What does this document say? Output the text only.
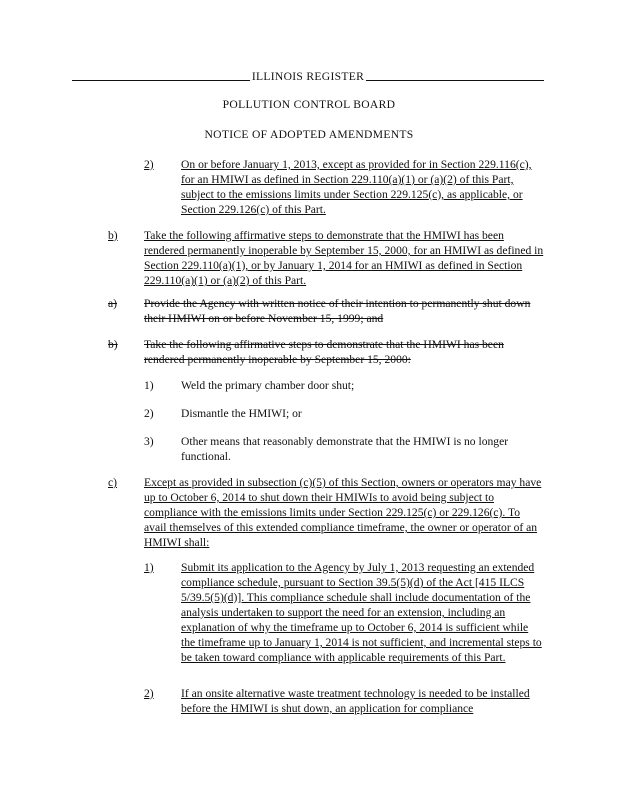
ILLINOIS REGISTER
POLLUTION CONTROL BOARD
NOTICE OF ADOPTED AMENDMENTS
2) On or before January 1, 2013, except as provided for in Section 229.116(c), for an HMIWI as defined in Section 229.110(a)(1) or (a)(2) of this Part, subject to the emissions limits under Section 229.125(c), as applicable, or Section 229.126(c) of this Part.

b) Take the following affirmative steps to demonstrate that the HMIWI has been rendered permanently inoperable by September 15, 2000, for an HMIWI as defined in Section 229.110(a)(1), or by January 1, 2014 for an HMIWI as defined in Section 229.110(a)(1) or (a)(2) of this Part.

a) Provide the Agency with written notice of their intention to permanently shut down their HMIWI on or before November 15, 1999; and

b) Take the following affirmative steps to demonstrate that the HMIWI has been rendered permanently inoperable by September 15, 2000:

1) Weld the primary chamber door shut;

2) Dismantle the HMIWI; or

3) Other means that reasonably demonstrate that the HMIWI is no longer functional.

c) Except as provided in subsection (c)(5) of this Section, owners or operators may have up to October 6, 2014 to shut down their HMIWIs to avoid being subject to compliance with the emissions limits under Section 229.125(c) or 229.126(c). To avail themselves of this extended compliance timeframe, the owner or operator of an HMIWI shall:

1) Submit its application to the Agency by July 1, 2013 requesting an extended compliance schedule, pursuant to Section 39.5(5)(d) of the Act [415 ILCS 5/39.5(5)(d)]. This compliance schedule shall include documentation of the analysis undertaken to support the need for an extension, including an explanation of why the timeframe up to October 6, 2014 is sufficient while the timeframe up to January 1, 2014 is not sufficient, and incremental steps to be taken toward compliance with applicable requirements of this Part.

2) If an onsite alternative waste treatment technology is needed to be installed before the HMIWI is shut down, an application for compliance
